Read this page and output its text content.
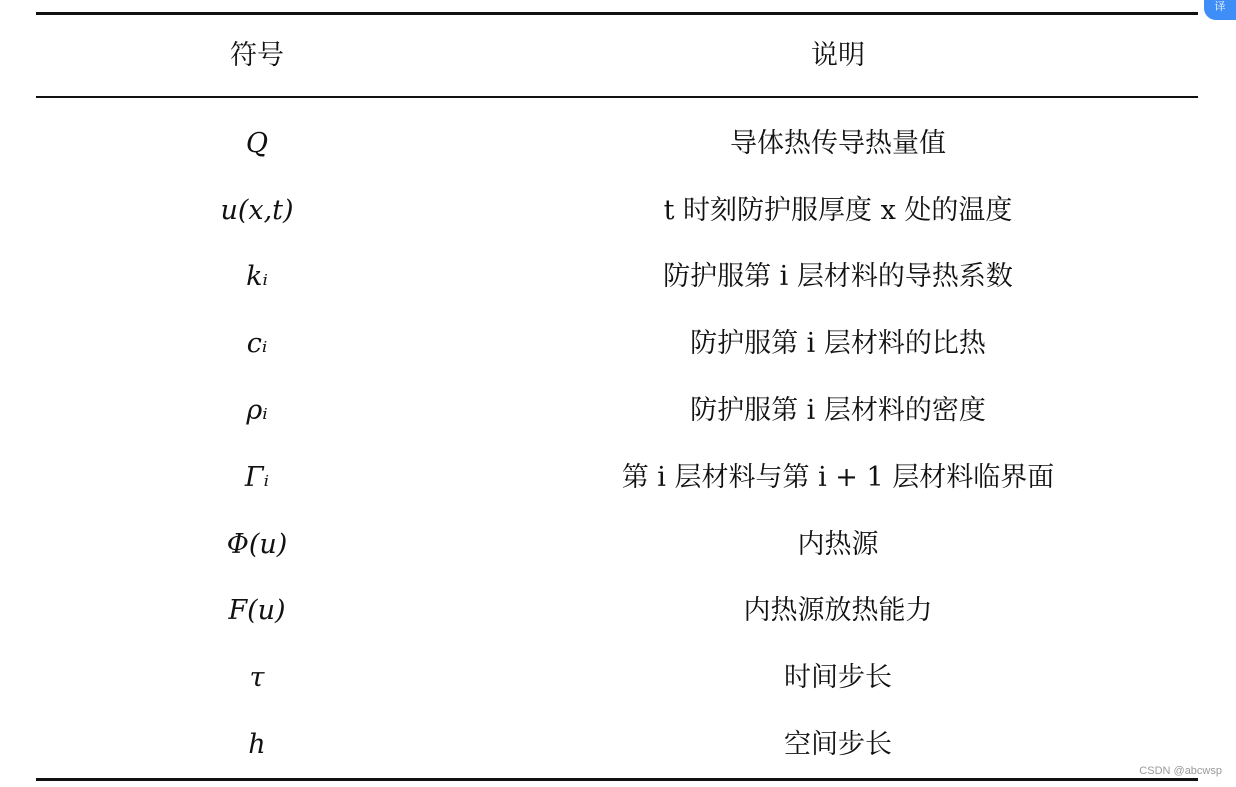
符号	说明
Q	导体热传导热量值
u(x,t)	t 时刻防护服厚度 x 处的温度
kᵢ	防护服第 i 层材料的导热系数
cᵢ	防护服第 i 层材料的比热
ρᵢ	防护服第 i 层材料的密度
Γᵢ	第 i 层材料与第 i + 1 层材料临界面
Φ(u)	内热源
F(u)	内热源放热能力
τ	时间步长
h	空间步长
译
CSDN @abcwsp
